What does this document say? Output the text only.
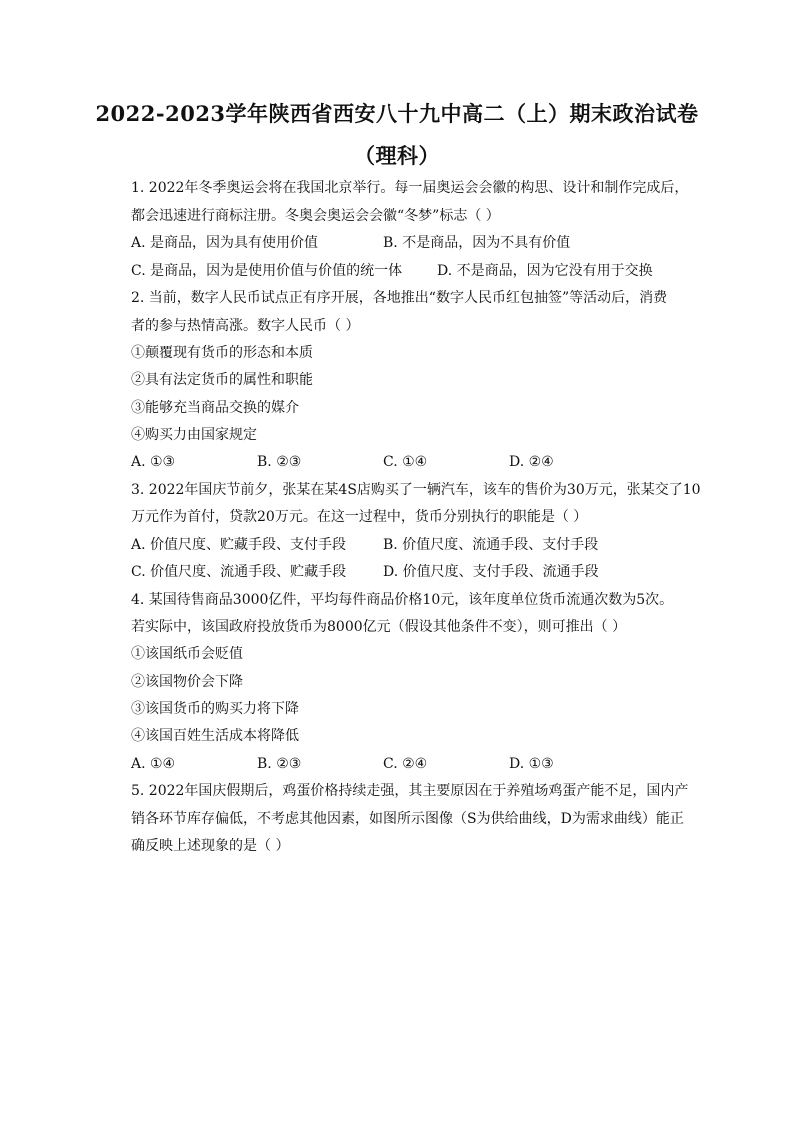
2022-2023学年陕西省西安八十九中高二（上）期末政治试卷
（理科）
1. 2022年冬季奥运会将在我国北京举行。每一届奥运会会徽的构思、设计和制作完成后，
都会迅速进行商标注册。冬奥会奥运会会徽“冬梦”标志（ ）
A. 是商品，因为具有使用价值	B. 不是商品，因为不具有价值
C. 是商品，因为是使用价值与价值的统一体 D. 不是商品，因为它没有用于交换
2. 当前，数字人民币试点正有序开展，各地推出“数字人民币红包抽签”等活动后，消费
者的参与热情高涨。数字人民币（ ）
①颠覆现有货币的形态和本质
②具有法定货币的属性和职能
③能够充当商品交换的媒介
④购买力由国家规定
A. ①③	B. ②③	C. ①④	D. ②④
3. 2022年国庆节前夕，张某在某4S店购买了一辆汽车，该车的售价为30万元，张某交了10
万元作为首付，贷款20万元。在这一过程中，货币分别执行的职能是（ ）
A. 价值尺度、贮藏手段、支付手段	B. 价值尺度、流通手段、支付手段
C. 价值尺度、流通手段、贮藏手段	D. 价值尺度、支付手段、流通手段
4. 某国待售商品3000亿件，平均每件商品价格10元，该年度单位货币流通次数为5次。
若实际中，该国政府投放货币为8000亿元（假设其他条件不变），则可推出（ ）
①该国纸币会贬值
②该国物价会下降
③该国货币的购买力将下降
④该国百姓生活成本将降低
A. ①④	B. ②③	C. ②④	D. ①③
5. 2022年国庆假期后，鸡蛋价格持续走强，其主要原因在于养殖场鸡蛋产能不足，国内产
销各环节库存偏低，不考虑其他因素，如图所示图像（S为供给曲线，D为需求曲线）能正
确反映上述现象的是（ ）
